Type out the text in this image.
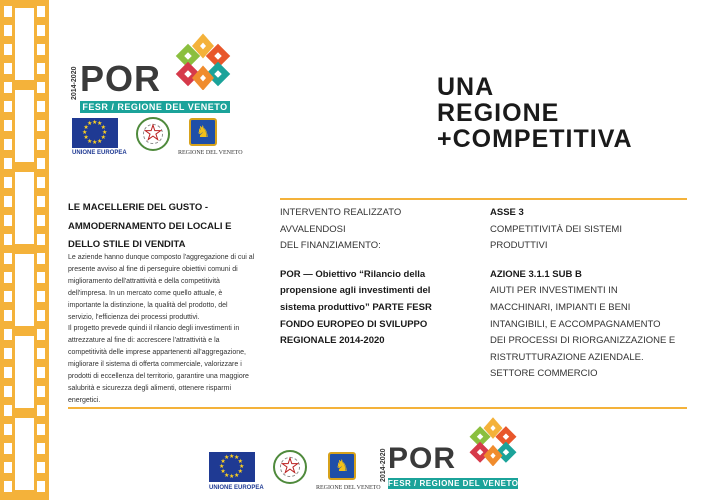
2014-2020 POR
FESR / REGIONE DEL VENETO
★
★
★
★
★
★
★
★
★ ★ ★
★
UNIONE EUROPEA
★ ♞
REGIONE DEL VENETO
UNA
REGIONE
+COMPETITIVA
LE MACELLERIE DEL GUSTO -
AMMODERNAMENTO DEI LOCALI E
DELLO STILE DI VENDITA

Le aziende hanno dunque composto l'aggregazione di cui al

presente avviso al fine di perseguire obiettivi comuni di

miglioramento dell'attrattività e della competitività

dell'impresa. In un mercato come quello attuale, è

importante la distinzione, la qualità del prodotto, del

servizio, l'efficienza dei processi produttivi.

Il progetto prevede quindi il rilancio degli investimenti in

attrezzature al fine di: accrescere l'attrattività e la

competitività delle imprese appartenenti all'aggregazione,

migliorare il sistema di offerta commerciale, valorizzare i

prodotti di eccellenza del territorio, garantire una maggiore

salubrità e sicurezza degli alimenti, ottenere risparmi

energetici.

INTERVENTO REALIZZATO
AVVALENDOSI
DEL FINANZIAMENTO:
POR — Obiettivo “Rilancio della
propensione agli investimenti del
sistema produttivo” PARTE FESR
FONDO EUROPEO DI SVILUPPO
REGIONALE 2014-2020
ASSE 3
COMPETITIVITÀ DEI SISTEMI
PRODUTTIVI
AZIONE 3.1.1 SUB B
AIUTI PER INVESTIMENTI IN
MACCHINARI, IMPIANTI E BENI
INTANGIBILI, E ACCOMPAGNAMENTO
DEI PROCESSI DI RIORGANIZZAZIONE E
RISTRUTTURAZIONE AZIENDALE.
SETTORE COMMERCIO
★
★
★
★
★
★
★
★
★ ★ ★
★
UNIONE EUROPEA
★ ♞
REGIONE DEL VENETO
2014-2020 POR
FESR / REGIONE DEL VENETO
